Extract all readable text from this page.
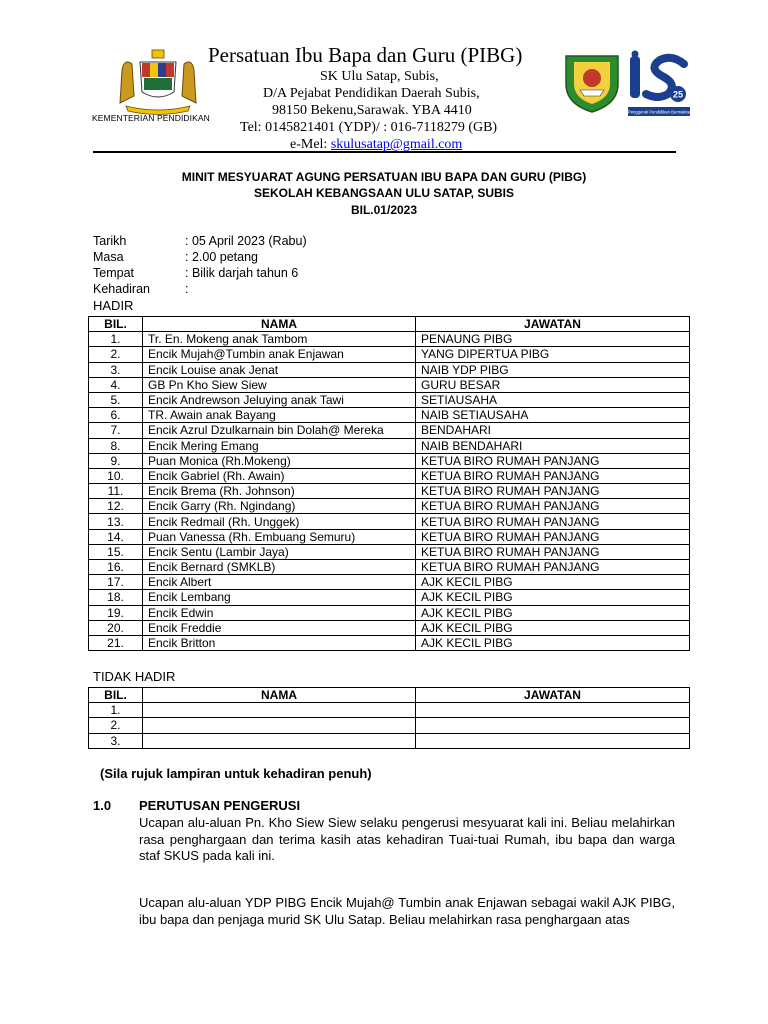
KEMENTERIAN PENDIDIKAN
Persatuan Ibu Bapa dan Guru (PIBG)
SK Ulu Satap, Subis,
D/A Pejabat Pendidikan Daerah Subis,
98150 Bekenu,Sarawak. YBA 4410
Tel: 0145821401 (YDP)/ : 016-7118279 (GB)
e-Mel: skulusatap@gmail.com
25
Penggerak Pendidikan Bermakna
MINIT MESYUARAT AGUNG PERSATUAN IBU BAPA DAN GURU (PIBG)
SEKOLAH KEBANGSAAN ULU SATAP, SUBIS
BIL.01/2023
Tarikh	: 05 April 2023 (Rabu)
Masa	: 2.00 petang
Tempat	: Bilik darjah tahun 6
Kehadiran	:
HADIR
BIL.	NAMA	JAWATAN
1.	Tr. En. Mokeng anak Tambom	PENAUNG PIBG
2.	Encik Mujah@Tumbin anak Enjawan	YANG DIPERTUA PIBG
3.	Encik Louise anak Jenat	NAIB YDP PIBG
4.	GB Pn Kho Siew Siew	GURU BESAR
5.	Encik Andrewson Jeluying anak Tawi	SETIAUSAHA
6.	TR. Awain anak Bayang	NAIB SETIAUSAHA
7.	Encik Azrul Dzulkarnain bin Dolah@ Mereka	BENDAHARI
8.	Encik Mering Emang	NAIB BENDAHARI
9.	Puan Monica (Rh.Mokeng)	KETUA BIRO RUMAH PANJANG
10.	Encik Gabriel (Rh. Awain)	KETUA BIRO RUMAH PANJANG
11.	Encik Brema (Rh. Johnson)	KETUA BIRO RUMAH PANJANG
12.	Encik Garry (Rh. Ngindang)	KETUA BIRO RUMAH PANJANG
13.	Encik Redmail (Rh. Unggek)	KETUA BIRO RUMAH PANJANG
14.	Puan Vanessa (Rh. Embuang Semuru)	KETUA BIRO RUMAH PANJANG
15.	Encik Sentu (Lambir Jaya)	KETUA BIRO RUMAH PANJANG
16.	Encik Bernard (SMKLB)	KETUA BIRO RUMAH PANJANG
17.	Encik Albert	AJK KECIL PIBG
18.	Encik Lembang	AJK KECIL PIBG
19.	Encik Edwin	AJK KECIL PIBG
20.	Encik Freddie	AJK KECIL PIBG
21.	Encik Britton	AJK KECIL PIBG
TIDAK HADIR
BIL.	NAMA	JAWATAN
1.		
2.		
3.		
(Sila rujuk lampiran untuk kehadiran penuh)
1.0 PERUTUSAN PENGERUSI
Ucapan alu-aluan Pn. Kho Siew Siew selaku pengerusi mesyuarat kali ini. Beliau melahirkan rasa penghargaan dan terima kasih atas kehadiran Tuai-tuai Rumah, ibu bapa dan warga staf SKUS pada kali ini.
Ucapan alu-aluan YDP PIBG Encik Mujah@ Tumbin anak Enjawan sebagai wakil AJK PIBG, ibu bapa dan penjaga murid SK Ulu Satap. Beliau melahirkan rasa penghargaan atas
